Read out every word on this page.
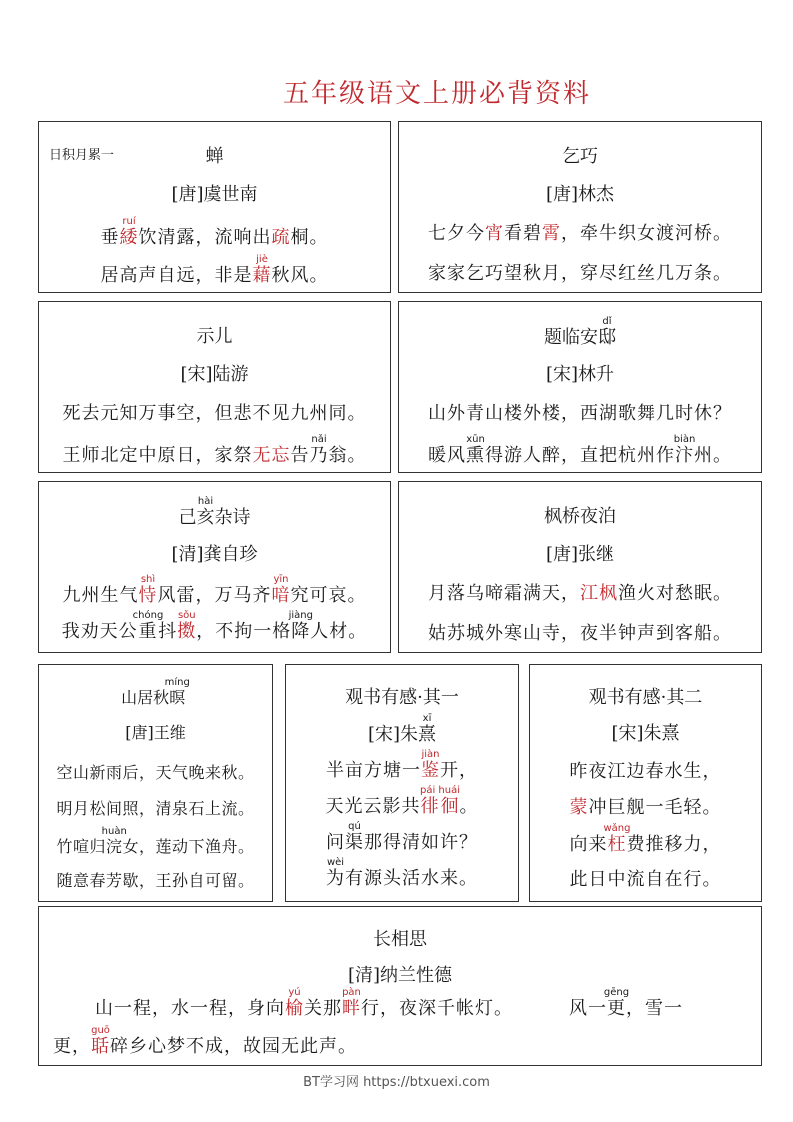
五年级语文上册必背资料
日积月累一	蝉
[唐]虞世南
垂緌ruí饮清露，流响出疏桐。
居高声自远，非是藉jiè秋风。
乞巧
[唐]林杰
七夕今宵看碧霄，牵牛织女渡河桥。
家家乞巧望秋月，穿尽红丝几万条。
示儿
[宋]陆游
死去元知万事空，但悲不见九州同。
王师北定中原日，家祭无忘告乃nǎi翁。
题临安邸dǐ
[宋]林升
山外青山楼外楼，西湖歌舞几时休？
暖风熏xūn得游人醉，直把杭州作汴biàn州。
己亥hài杂诗
[清]龚自珍
九州生气恃shì风雷，万马齐喑yīn究可哀。
我劝天公重chóng抖擞sǒu，不拘一格降jiàng人材。
枫桥夜泊
[唐]张继
月落乌啼霜满天，江枫渔火对愁眠。
姑苏城外寒山寺，夜半钟声到客船。
山居秋暝míng
[唐]王维
空山新雨后，天气晚来秋。
明月松间照，清泉石上流。
竹喧归浣huàn女，莲动下渔舟。
随意春芳歇，王孙自可留。
观书有感·其一
[宋]朱熹xī
半亩方塘一鉴jiàn开，
天光云影共徘徊pái huái。
问渠qú那得清如许？
为wèi有源头活水来。
观书有感·其二
[宋]朱熹
昨夜江边春水生，
蒙冲巨舰一毛轻。
向来枉wǎng费推移力，
此日中流自在行。
长相思
[清]纳兰性德
山一程，水一程，身向榆yú关那畔pàn行，夜深千帐灯。	风一更gēng，雪一
更，聒guō碎乡心梦不成，故园无此声。
BT学习网 https://btxuexi.com
